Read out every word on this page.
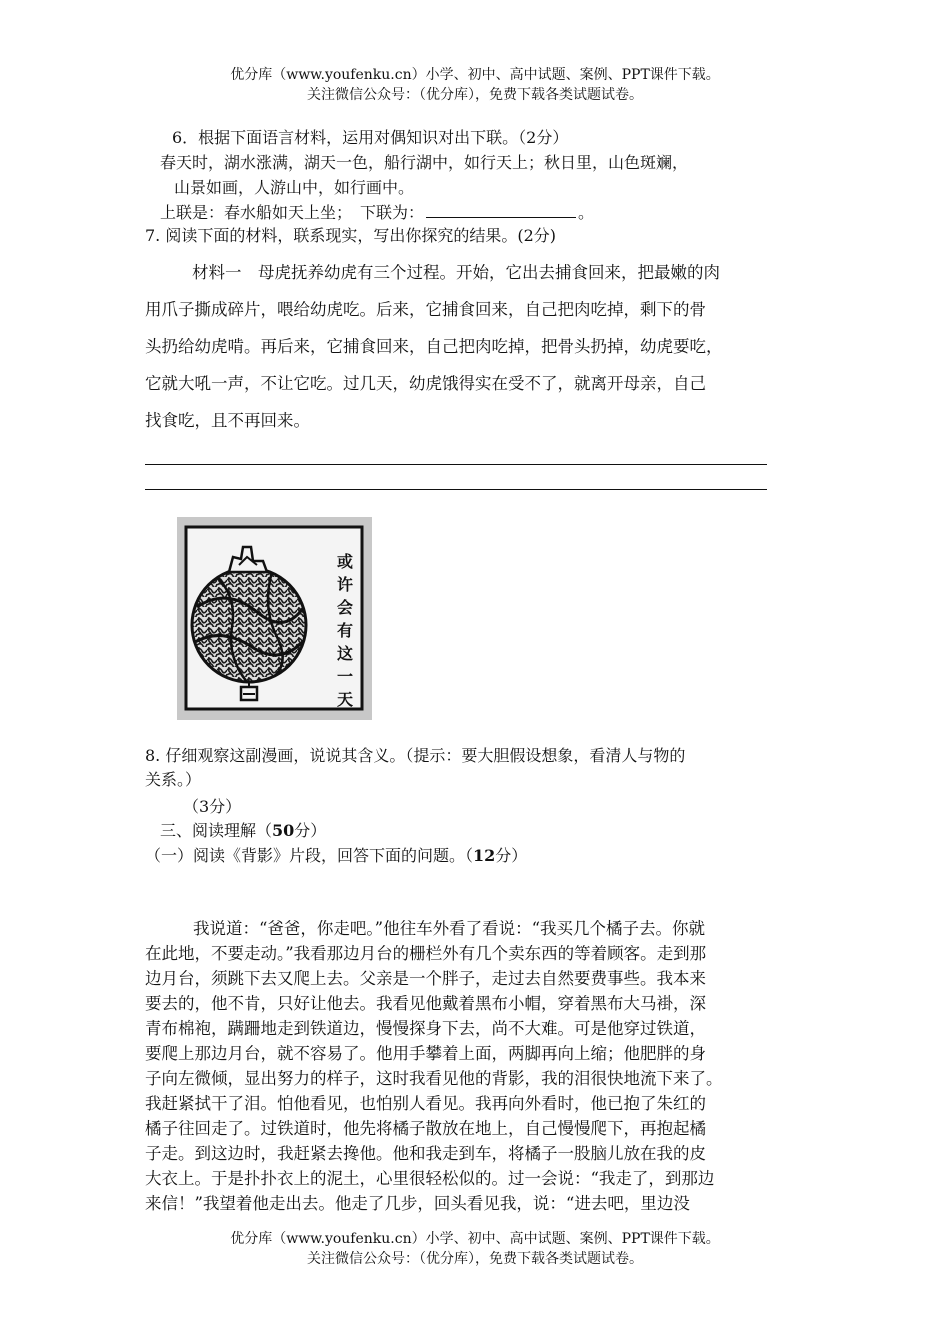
优分库（www.youfenku.cn）小学、初中、高中试题、案例、PPT课件下载。
关注微信公众号：（优分库），免费下载各类试题试卷。
6．根据下面语言材料，运用对偶知识对出下联。（2分）
春天时，湖水涨满，湖天一色，船行湖中，如行天上；秋日里，山色斑斓，
山景如画，人游山中，如行画中。
上联是：春水船如天上坐；　下联为：	。
7. 阅读下面的材料，联系现实，写出你探究的结果。(2分)
材料一　母虎抚养幼虎有三个过程。开始，它出去捕食回来，把最嫩的肉
用爪子撕成碎片，喂给幼虎吃。后来，它捕食回来，自己把肉吃掉，剩下的骨
头扔给幼虎啃。再后来，它捕食回来，自己把肉吃掉，把骨头扔掉，幼虎要吃，
它就大吼一声，不让它吃。过几天，幼虎饿得实在受不了，就离开母亲，自己
找食吃，且不再回来。
或
许
会
有
这
一
天
8. 仔细观察这副漫画，说说其含义。（提示：要大胆假设想象，看清人与物的
关系。）
（3分）
三、阅读理解（50分）
（一）阅读《背影》片段，回答下面的问题。（12分）
我说道：“爸爸，你走吧。”他往车外看了看说：“我买几个橘子去。你就
在此地，不要走动。”我看那边月台的栅栏外有几个卖东西的等着顾客。走到那
边月台，须跳下去又爬上去。父亲是一个胖子，走过去自然要费事些。我本来
要去的，他不肯，只好让他去。我看见他戴着黑布小帽，穿着黑布大马褂，深
青布棉袍，蹒跚地走到铁道边，慢慢探身下去，尚不大难。可是他穿过铁道，
要爬上那边月台，就不容易了。他用手攀着上面，两脚再向上缩；他肥胖的身
子向左微倾，显出努力的样子，这时我看见他的背影，我的泪很快地流下来了。
我赶紧拭干了泪。怕他看见，也怕别人看见。我再向外看时，他已抱了朱红的
橘子往回走了。过铁道时，他先将橘子散放在地上，自己慢慢爬下，再抱起橘
子走。到这边时，我赶紧去搀他。他和我走到车，将橘子一股脑儿放在我的皮
大衣上。于是扑扑衣上的泥土，心里很轻松似的。过一会说：“我走了，到那边
来信！”我望着他走出去。他走了几步，回头看见我，说：“进去吧，里边没
优分库（www.youfenku.cn）小学、初中、高中试题、案例、PPT课件下载。
关注微信公众号：（优分库），免费下载各类试题试卷。
